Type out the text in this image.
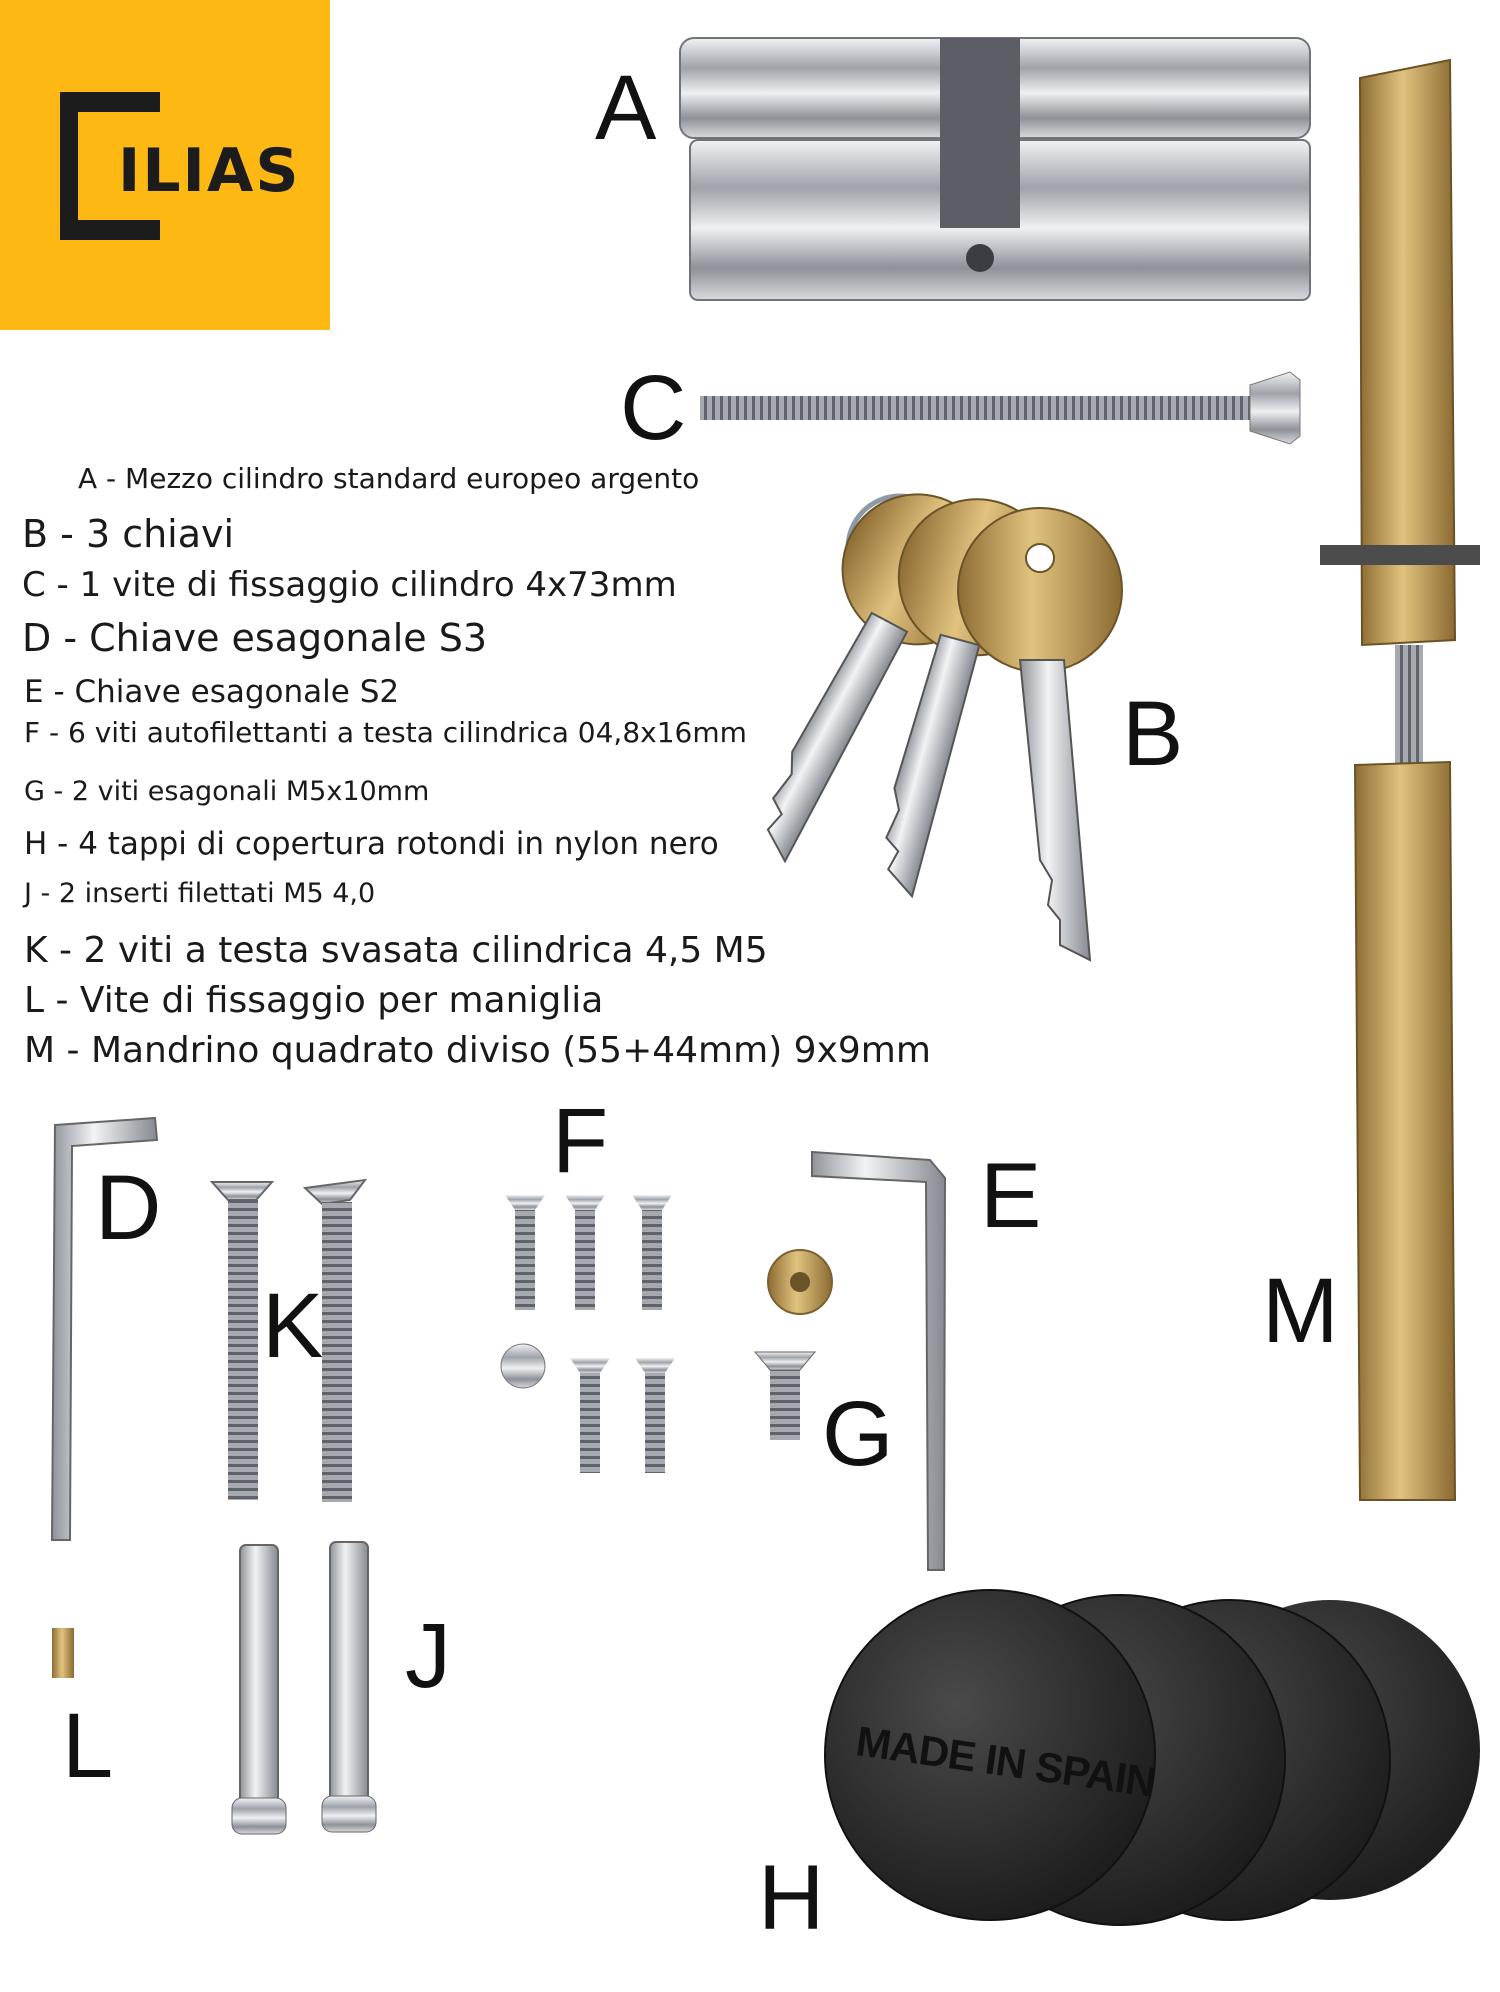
ILIAS
MADE IN SPAIN
A - Mezzo cilindro standard europeo argento
B - 3 chiavi
C - 1 vite di fissaggio cilindro 4x73mm
D - Chiave esagonale S3
E - Chiave esagonale S2
F - 6 viti autofilettanti a testa cilindrica 04,8x16mm
G - 2 viti esagonali M5x10mm
H - 4 tappi di copertura rotondi in nylon nero
J - 2 inserti filettati M5 4,0
K - 2 viti a testa svasata cilindrica 4,5 M5
L - Vite di fissaggio per maniglia
M - Mandrino quadrato diviso (55+44mm) 9x9mm
A
C
B
F
D	E
K	M
G
J
L
H
